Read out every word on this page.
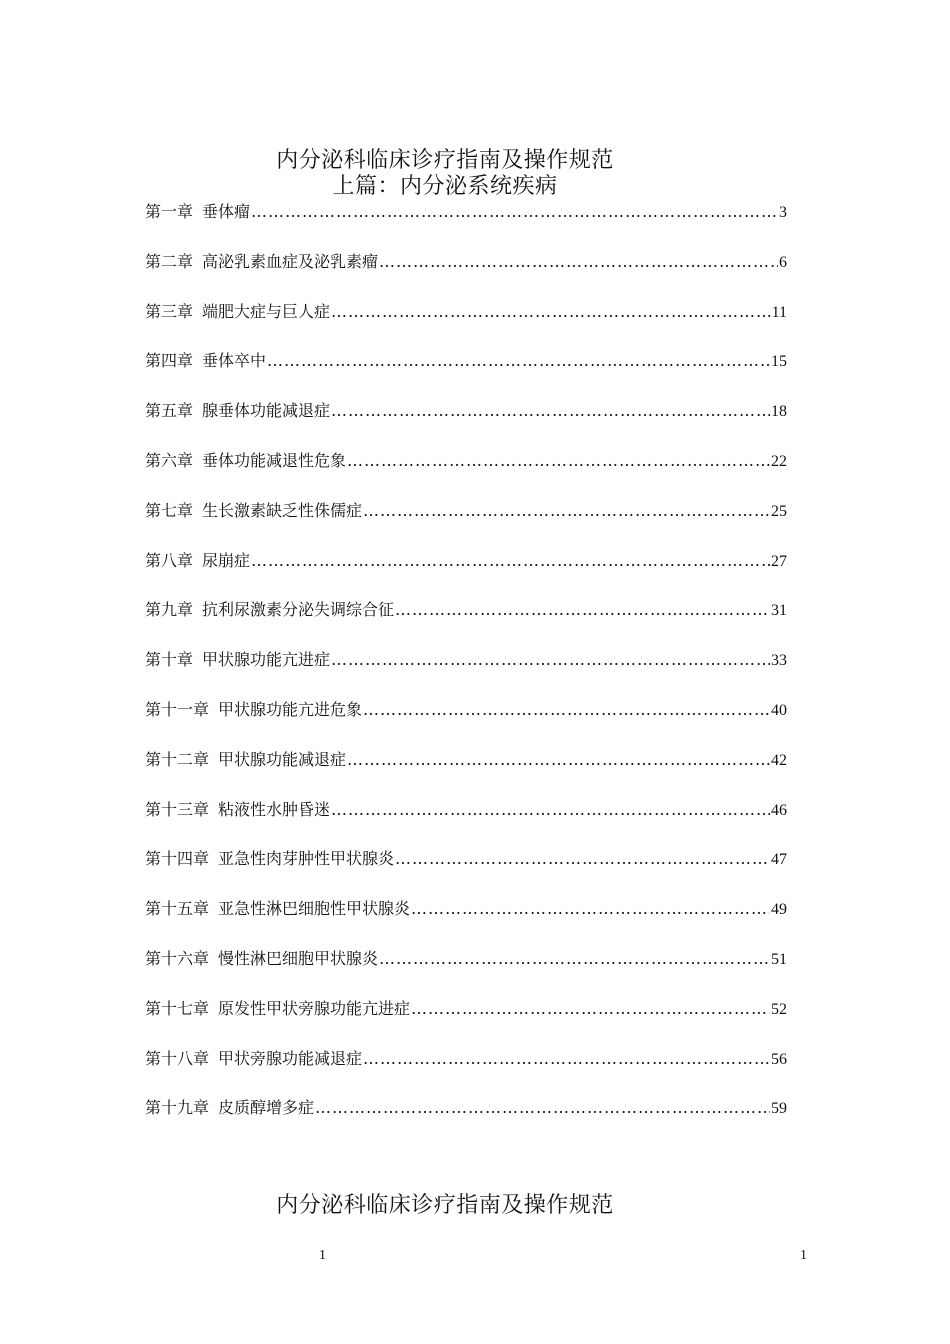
内分泌科临床诊疗指南及操作规范
上篇：内分泌系统疾病
第一章 垂体瘤 ……………………………………………………………………………………………………………………………………………………………………	3
第二章 高泌乳素血症及泌乳素瘤 ……………………………………………………………………………………………………………………………………………………………………	6
第三章 端肥大症与巨人症 ……………………………………………………………………………………………………………………………………………………………………	11
第四章 垂体卒中 ……………………………………………………………………………………………………………………………………………………………………	15
第五章 腺垂体功能减退症 ……………………………………………………………………………………………………………………………………………………………………	18
第六章 垂体功能减退性危象 ……………………………………………………………………………………………………………………………………………………………………	22
第七章 生长激素缺乏性侏儒症 ……………………………………………………………………………………………………………………………………………………………………	25
第八章 尿崩症 ……………………………………………………………………………………………………………………………………………………………………	27
第九章 抗利尿激素分泌失调综合征 ……………………………………………………………………………………………………………………………………………………………………	31
第十章 甲状腺功能亢进症 ……………………………………………………………………………………………………………………………………………………………………	33
第十一章 甲状腺功能亢进危象 ……………………………………………………………………………………………………………………………………………………………………	40
第十二章 甲状腺功能减退症 ……………………………………………………………………………………………………………………………………………………………………	42
第十三章 粘液性水肿昏迷 ……………………………………………………………………………………………………………………………………………………………………	46
第十四章 亚急性肉芽肿性甲状腺炎 ……………………………………………………………………………………………………………………………………………………………………	47
第十五章 亚急性淋巴细胞性甲状腺炎 ……………………………………………………………………………………………………………………………………………………………………	49
第十六章 慢性淋巴细胞甲状腺炎 ……………………………………………………………………………………………………………………………………………………………………	51
第十七章 原发性甲状旁腺功能亢进症 ……………………………………………………………………………………………………………………………………………………………………	52
第十八章 甲状旁腺功能减退症 ……………………………………………………………………………………………………………………………………………………………………	56
第十九章 皮质醇增多症 ……………………………………………………………………………………………………………………………………………………………………	59
内分泌科临床诊疗指南及操作规范
1	1
